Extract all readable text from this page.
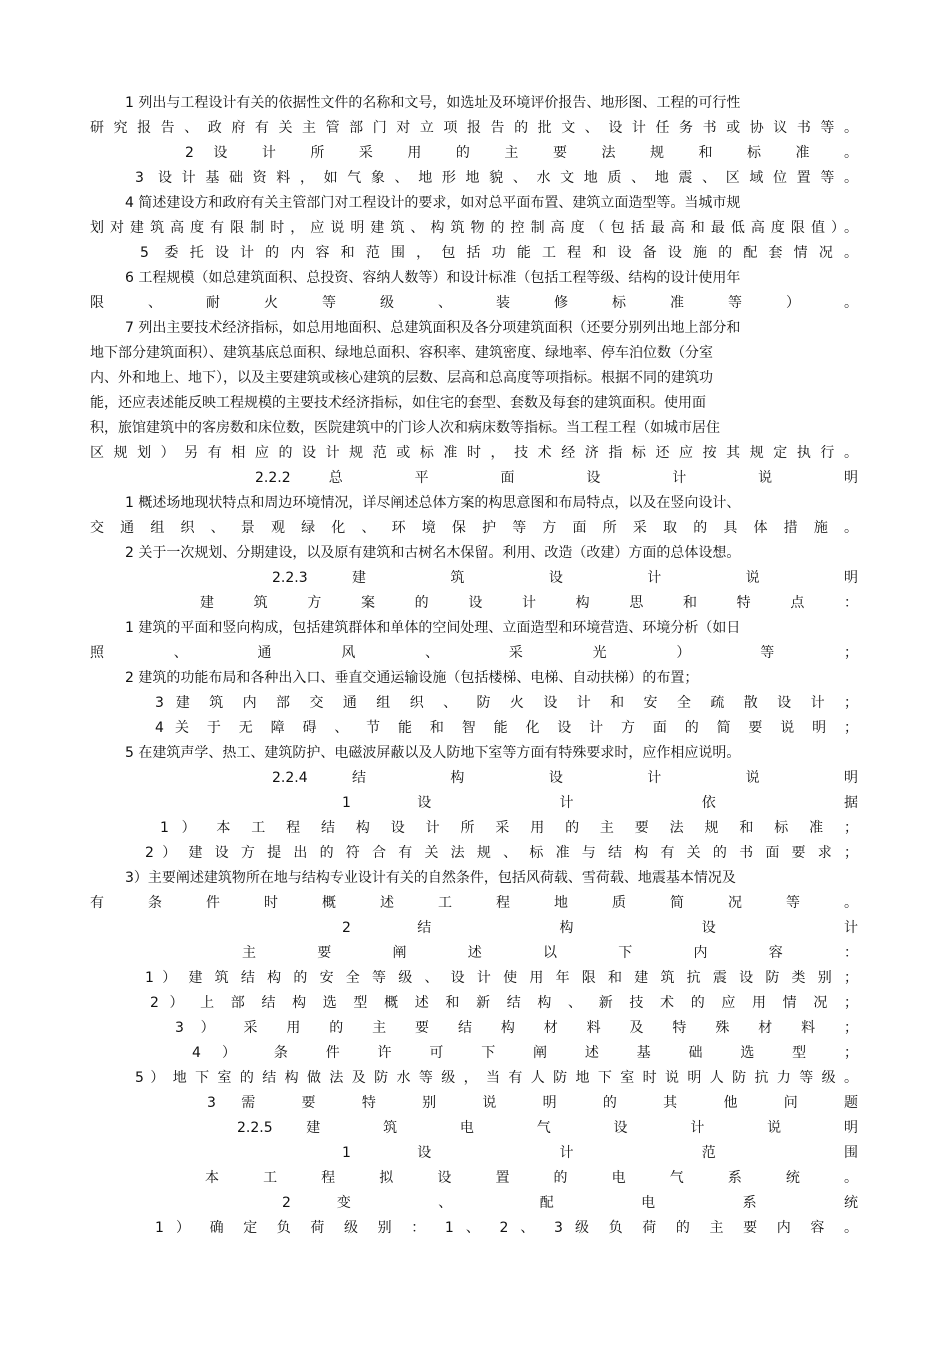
1 列出与工程设计有关的依据性文件的名称和文号，如选址及环境评价报告、地形图、工程的可行性
研究报告、政府有关主管部门对立项报告的批文、设计任务书或协议书等。
2 设 计 所 采 用 的 主 要 法 规 和 标 准 。
3 设计基础资料，如气象、地形地貌、水文地质、地震、区域位置等。
4 简述建设方和政府有关主管部门对工程设计的要求，如对总平面布置、建筑立面造型等。当城市规
划对建筑高度有限制时，应说明建筑、构筑物的控制高度（包括最高和最低高度限值）。
5 委托设计的内容和范围，包括功能工程和设备设施的配套情况。
6 工程规模（如总建筑面积、总投资、容纳人数等）和设计标准（包括工程等级、结构的设计使用年
限 、 耐 火 等 级 、 装 修 标 准 等 ） 。
7 列出主要技术经济指标，如总用地面积、总建筑面积及各分项建筑面积（还要分别列出地上部分和
地下部分建筑面积）、建筑基底总面积、绿地总面积、容积率、建筑密度、绿地率、停车泊位数（分室
内、外和地上、地下），以及主要建筑或核心建筑的层数、层高和总高度等项指标。根据不同的建筑功
能，还应表述能反映工程规模的主要技术经济指标，如住宅的套型、套数及每套的建筑面积。使用面
积，旅馆建筑中的客房数和床位数，医院建筑中的门诊人次和病床数等指标。当工程工程（如城市居住
区规划）另有相应的设计规范或标准时，技术经济指标还应按其规定执行。
2.2.2 总 平 面 设 计 说 明
1 概述场地现状特点和周边环境情况，详尽阐述总体方案的构思意图和布局特点，以及在竖向设计、
交通组织、景观绿化、环境保护等方面所采取的具体措施。
2 关于一次规划、分期建设，以及原有建筑和古树名木保留。利用、改造（改建）方面的总体设想。
2.2.3 建 筑 设 计 说 明
建 筑 方 案 的 设 计 构 思 和 特 点 ：
1 建筑的平面和竖向构成，包括建筑群体和单体的空间处理、立面造型和环境营造、环境分析（如日
照 、 通 风 、 采 光 ） 等 ；
2 建筑的功能布局和各种出入口、垂直交通运输设施（包括楼梯、电梯、自动扶梯）的布置；
3 建 筑 内 部 交 通 组 织 、 防 火 设 计 和 安 全 疏 散 设 计 ；
4 关 于 无 障 碍 、 节 能 和 智 能 化 设 计 方 面 的 简 要 说 明 ；
5 在建筑声学、热工、建筑防护、电磁波屏蔽以及人防地下室等方面有特殊要求时，应作相应说明。
2.2.4 结 构 设 计 说 明
1 设 计 依 据
1 ） 本 工 程 结 构 设 计 所 采 用 的 主 要 法 规 和 标 准 ；
2 ） 建 设 方 提 出 的 符 合 有 关 法 规 、 标 准 与 结 构 有 关 的 书 面 要 求 ；
3）主要阐述建筑物所在地与结构专业设计有关的自然条件，包括风荷载、雪荷载、地震基本情况及
有 条 件 时 概 述 工 程 地 质 简 况 等 。
2 结 构 设 计
主 要 阐 述 以 下 内 容 ：
1 ） 建 筑 结 构 的 安 全 等 级 、 设 计 使 用 年 限 和 建 筑 抗 震 设 防 类 别 ；
2 ） 上 部 结 构 选 型 概 述 和 新 结 构 、 新 技 术 的 应 用 情 况 ；
3 ） 采 用 的 主 要 结 构 材 料 及 特 殊 材 料 ；
4 ） 条 件 许 可 下 阐 述 基 础 选 型 ；
5 ） 地 下 室 的 结 构 做 法 及 防 水 等 级 ， 当 有 人 防 地 下 室 时 说 明 人 防 抗 力 等 级 。
3 需 要 特 别 说 明 的 其 他 问 题
2.2.5 建 筑 电 气 设 计 说 明
1 设 计 范 围
本 工 程 拟 设 置 的 电 气 系 统 。
2 变 、 配 电 系 统
1 ） 确 定 负 荷 级 别 ： 1 、 2 、 3 级 负 荷 的 主 要 内 容 。
